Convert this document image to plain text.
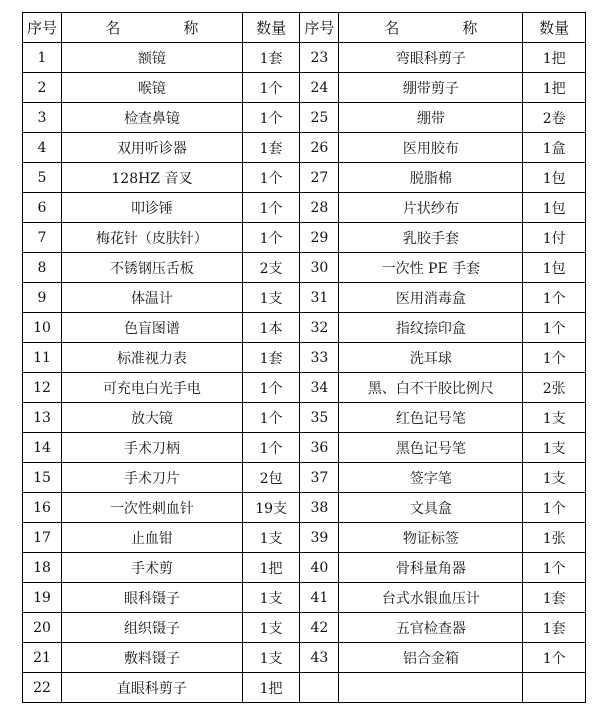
序号	名　称	数量	序号	名　称	数量
1	额镜	1套	23	弯眼科剪子	1把
2	喉镜	1个	24	绷带剪子	1把
3	检查鼻镜	1个	25	绷带	2卷
4	双用听诊器	1套	26	医用胶布	1盒
5	128HZ 音叉	1个	27	脱脂棉	1包
6	叩诊锤	1个	28	片状纱布	1包
7	梅花针（皮肤针）	1个	29	乳胶手套	1付
8	不锈钢压舌板	2支	30	一次性 PE 手套	1包
9	体温计	1支	31	医用消毒盒	1个
10	色盲图谱	1本	32	指纹捺印盒	1个
11	标准视力表	1套	33	洗耳球	1个
12	可充电白光手电	1个	34	黑、白不干胶比例尺	2张
13	放大镜	1个	35	红色记号笔	1支
14	手术刀柄	1个	36	黑色记号笔	1支
15	手术刀片	2包	37	签字笔	1支
16	一次性刺血针	19支	38	文具盒	1个
17	止血钳	1支	39	物证标签	1张
18	手术剪	1把	40	骨科量角器	1个
19	眼科镊子	1支	41	台式水银血压计	1套
20	组织镊子	1支	42	五官检查器	1套
21	敷料镊子	1支	43	铝合金箱	1个
22	直眼科剪子	1把			
